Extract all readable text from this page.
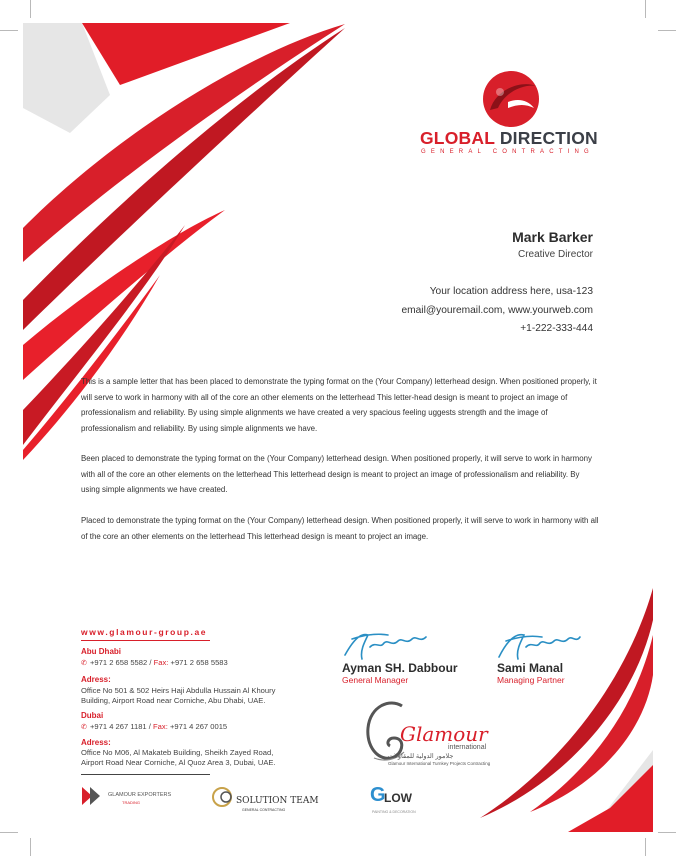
GLOBAL DIRECTION
GENERAL CONTRACTING
Mark Barker
Creative Director
Your location address here, usa-123
email@youremail.com, www.yourweb.com
+1-222-333-444

This is a sample letter that has been placed to demonstrate the typing format on the (Your Company) letterhead design. When positioned properly, it will serve to work in harmony with all of the core an other elements on the letterhead This letter-head design is meant to project an image of professionalism and reliability. By using simple alignments we have created a very spacious feeling uggests strength and the image of professionalism and reliability. By using simple alignments we have.

Been placed to demonstrate the typing format on the (Your Company) letterhead design. When positioned properly, it will serve to work in harmony with all of the core an other elements on the letterhead This letterhead design is meant to project an image of professionalism and reliability. By using simple alignments we have created.

Placed to demonstrate the typing format on the (Your Company) letterhead design. When positioned properly, it will serve to work in harmony with all of the core an other elements on the letterhead This letterhead design is meant to project an image.

www.glamour-group.ae
Abu Dhabi
✆ +971 2 658 5582 / Fax: +971 2 658 5583
Adress:
Office No 501 & 502 Heirs Haji Abdulla Hussain Al Khoury
Building, Airport Road near Corniche, Abu Dhabi, UAE.
Dubai
✆ +971 4 267 1181 / Fax: +971 4 267 0015
Adress:
Office No M06, Al Makateb Building, Sheikh Zayed Road,
Airport Road Near Corniche, Al Quoz Area 3, Dubai, UAE.
Ayman SH. Dabbour
General Manager
Sami Manal
Managing Partner
Glamour
international
جلامور الدولية للمقاولات
Glamour International Turnkey Projects Contracting
GLAMOUR EXPORTERS
TRADING	SOLUTION TEAM
GENERAL CONTRACTING
G
LOW
PAINTING & DECORATION
